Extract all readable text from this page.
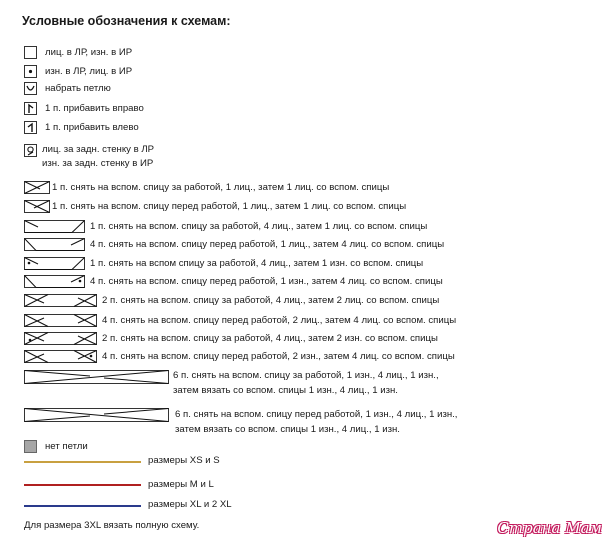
Условные обозначения к схемам:
лиц. в ЛР, изн. в ИР
изн. в ЛР, лиц. в ИР
набрать петлю
1 п. прибавить вправо
1 п. прибавить влево
лиц. за задн. стенку в ЛР
изн. за задн. стенку в ИР
1 п. снять на вспом. спицу за работой, 1 лиц., затем 1 лиц. со вспом. спицы
1 п. снять на вспом. спицу перед работой, 1 лиц., затем 1 лиц. со вспом. спицы
1 п. снять на вспом. спицу за работой, 4 лиц., затем 1 лиц. со вспом. спицы
4 п. снять на вспом. спицу перед работой, 1 лиц., затем 4 лиц. со вспом. спицы
1 п. снять на вспом спицу за работой, 4 лиц., затем 1 изн. со вспом. спицы
4 п. снять на вспом. спицу перед работой, 1 изн., затем 4 лиц. со вспом. спицы
2 п. снять на вспом. спицу за работой, 4 лиц., затем 2 лиц. со вспом. спицы
4 п. снять на вспом. спицу перед работой, 2 лиц., затем 4 лиц. со вспом. спицы
2 п. снять на вспом. спицу за работой, 4 лиц., затем 2 изн. со вспом. спицы
4 п. снять на вспом. спицу перед работой, 2 изн., затем 4 лиц. со вспом. спицы
6 п. снять на вспом. спицу за работой, 1 изн., 4 лиц., 1 изн.,
затем вязать со вспом. спицы 1 изн., 4 лиц., 1 изн.
6 п. снять на вспом. спицу перед работой, 1 изн., 4 лиц., 1 изн.,
затем вязать со вспом. спицы 1 изн., 4 лиц., 1 изн.
нет петли
размеры XS и S
размеры M и L
размеры XL и 2 XL
Для размера 3XL вязать полную схему.	Страна Мам
